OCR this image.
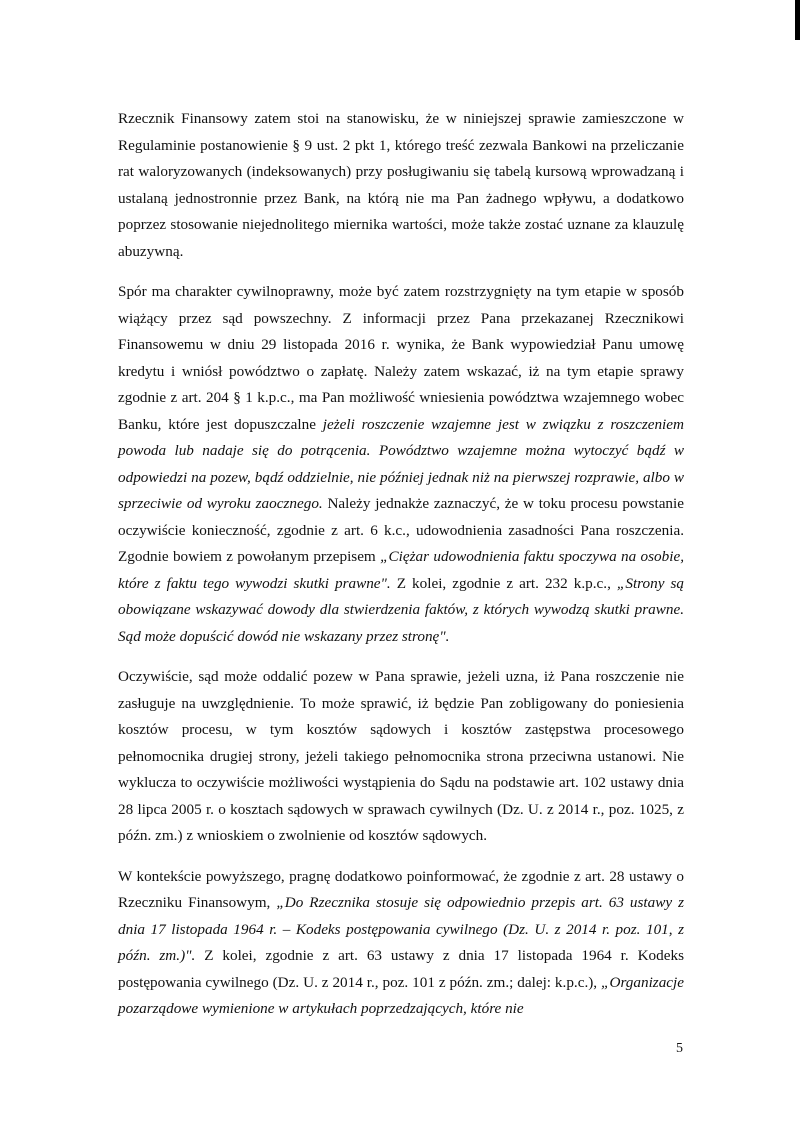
Rzecznik Finansowy zatem stoi na stanowisku, że w niniejszej sprawie zamieszczone w Regulaminie postanowienie § 9 ust. 2 pkt 1, którego treść zezwala Bankowi na przeliczanie rat waloryzowanych (indeksowanych) przy posługiwaniu się tabelą kursową wprowadzaną i ustalaną jednostronnie przez Bank, na którą nie ma Pan żadnego wpływu, a dodatkowo poprzez stosowanie niejednolitego miernika wartości, może także zostać uznane za klauzulę abuzywną.

Spór ma charakter cywilnoprawny, może być zatem rozstrzygnięty na tym etapie w sposób wiążący przez sąd powszechny. Z informacji przez Pana przekazanej Rzecznikowi Finansowemu w dniu 29 listopada 2016 r. wynika, że Bank wypowiedział Panu umowę kredytu i wniósł powództwo o zapłatę. Należy zatem wskazać, iż na tym etapie sprawy zgodnie z art. 204 § 1 k.p.c., ma Pan możliwość wniesienia powództwa wzajemnego wobec Banku, które jest dopuszczalne jeżeli roszczenie wzajemne jest w związku z roszczeniem powoda lub nadaje się do potrącenia. Powództwo wzajemne można wytoczyć bądź w odpowiedzi na pozew, bądź oddzielnie, nie później jednak niż na pierwszej rozprawie, albo w sprzeciwie od wyroku zaocznego. Należy jednakże zaznaczyć, że w toku procesu powstanie oczywiście konieczność, zgodnie z art. 6 k.c., udowodnienia zasadności Pana roszczenia. Zgodnie bowiem z powołanym przepisem „Ciężar udowodnienia faktu spoczywa na osobie, które z faktu tego wywodzi skutki prawne". Z kolei, zgodnie z art. 232 k.p.c., „Strony są obowiązane wskazywać dowody dla stwierdzenia faktów, z których wywodzą skutki prawne. Sąd może dopuścić dowód nie wskazany przez stronę".

Oczywiście, sąd może oddalić pozew w Pana sprawie, jeżeli uzna, iż Pana roszczenie nie zasługuje na uwzględnienie. To może sprawić, iż będzie Pan zobligowany do poniesienia kosztów procesu, w tym kosztów sądowych i kosztów zastępstwa procesowego pełnomocnika drugiej strony, jeżeli takiego pełnomocnika strona przeciwna ustanowi. Nie wyklucza to oczywiście możliwości wystąpienia do Sądu na podstawie art. 102 ustawy dnia 28 lipca 2005 r. o kosztach sądowych w sprawach cywilnych (Dz. U. z 2014 r., poz. 1025, z późn. zm.) z wnioskiem o zwolnienie od kosztów sądowych.

W kontekście powyższego, pragnę dodatkowo poinformować, że zgodnie z art. 28 ustawy o Rzeczniku Finansowym, „Do Rzecznika stosuje się odpowiednio przepis art. 63 ustawy z dnia 17 listopada 1964 r. – Kodeks postępowania cywilnego (Dz. U. z 2014 r. poz. 101, z późn. zm.)". Z kolei, zgodnie z art. 63 ustawy z dnia 17 listopada 1964 r. Kodeks postępowania cywilnego (Dz. U. z 2014 r., poz. 101 z późn. zm.; dalej: k.p.c.), „Organizacje pozarządowe wymienione w artykułach poprzedzających, które nie

5
